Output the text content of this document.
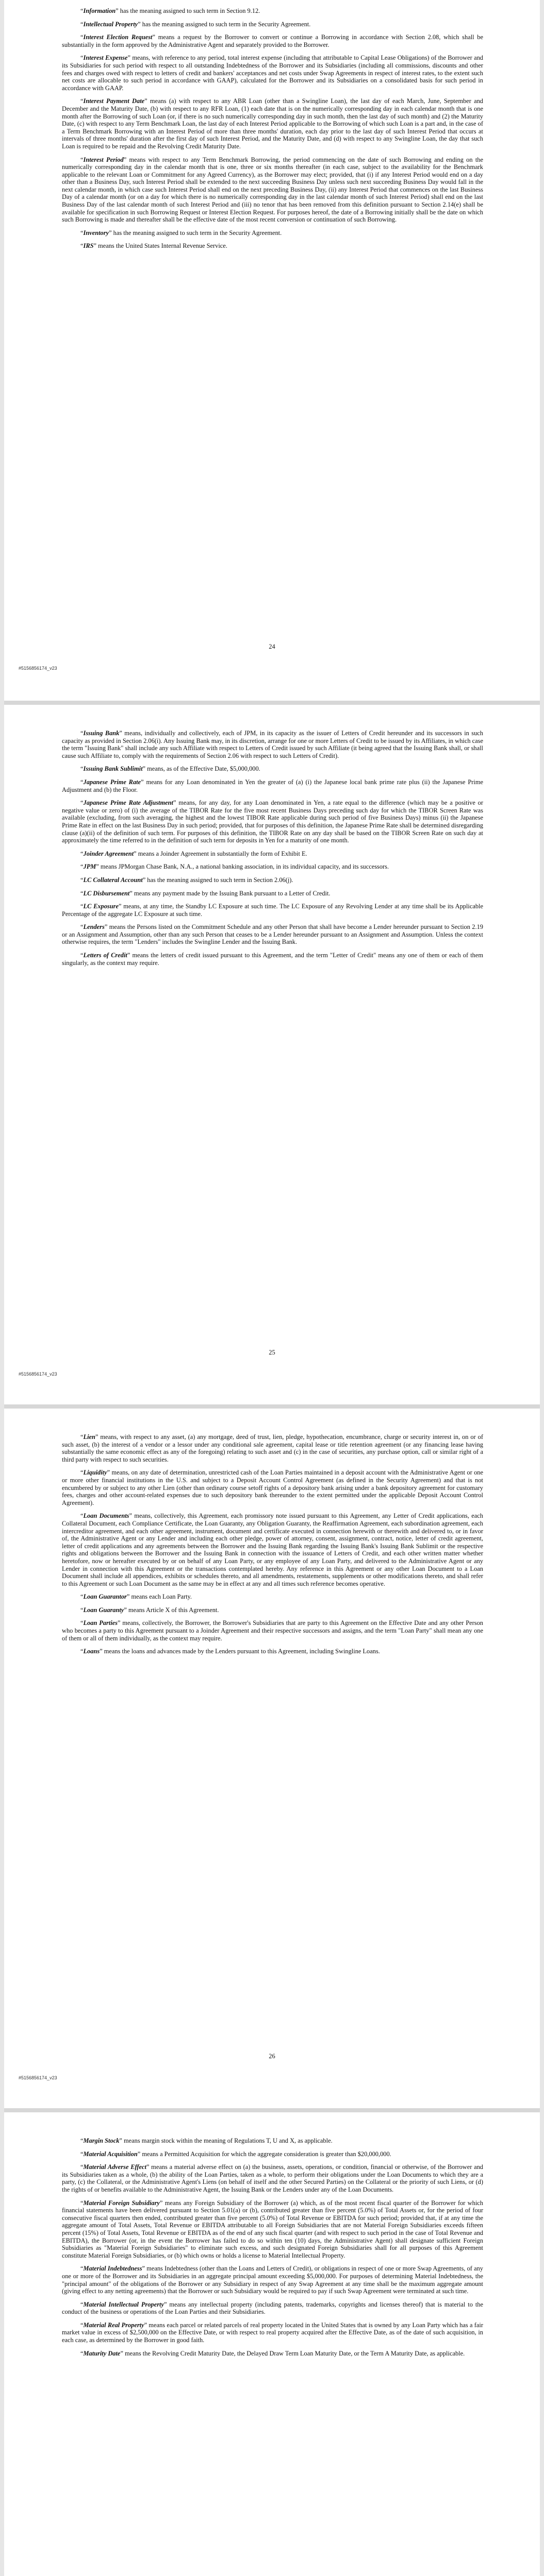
“Information” has the meaning assigned to such term in Section 9.12.

“Intellectual Property” has the meaning assigned to such term in the Security Agreement.

“Interest Election Request” means a request by the Borrower to convert or continue a Borrowing in accordance with Section 2.08, which shall be substantially in the form approved by the Administrative Agent and separately provided to the Borrower.

“Interest Expense” means, with reference to any period, total interest expense (including that attributable to Capital Lease Obligations) of the Borrower and its Subsidiaries for such period with respect to all outstanding Indebtedness of the Borrower and its Subsidiaries (including all commissions, discounts and other fees and charges owed with respect to letters of credit and bankers' acceptances and net costs under Swap Agreements in respect of interest rates, to the extent such net costs are allocable to such period in accordance with GAAP), calculated for the Borrower and its Subsidiaries on a consolidated basis for such period in accordance with GAAP.

“Interest Payment Date” means (a) with respect to any ABR Loan (other than a Swingline Loan), the last day of each March, June, September and December and the Maturity Date, (b) with respect to any RFR Loan, (1) each date that is on the numerically corresponding day in each calendar month that is one month after the Borrowing of such Loan (or, if there is no such numerically corresponding day in such month, then the last day of such month) and (2) the Maturity Date, (c) with respect to any Term Benchmark Loan, the last day of each Interest Period applicable to the Borrowing of which such Loan is a part and, in the case of a Term Benchmark Borrowing with an Interest Period of more than three months' duration, each day prior to the last day of such Interest Period that occurs at intervals of three months' duration after the first day of such Interest Period, and the Maturity Date, and (d) with respect to any Swingline Loan, the day that such Loan is required to be repaid and the Revolving Credit Maturity Date.

“Interest Period” means with respect to any Term Benchmark Borrowing, the period commencing on the date of such Borrowing and ending on the numerically corresponding day in the calendar month that is one, three or six months thereafter (in each case, subject to the availability for the Benchmark applicable to the relevant Loan or Commitment for any Agreed Currency), as the Borrower may elect; provided, that (i) if any Interest Period would end on a day other than a Business Day, such Interest Period shall be extended to the next succeeding Business Day unless such next succeeding Business Day would fall in the next calendar month, in which case such Interest Period shall end on the next preceding Business Day, (ii) any Interest Period that commences on the last Business Day of a calendar month (or on a day for which there is no numerically corresponding day in the last calendar month of such Interest Period) shall end on the last Business Day of the last calendar month of such Interest Period and (iii) no tenor that has been removed from this definition pursuant to Section 2.14(e) shall be available for specification in such Borrowing Request or Interest Election Request. For purposes hereof, the date of a Borrowing initially shall be the date on which such Borrowing is made and thereafter shall be the effective date of the most recent conversion or continuation of such Borrowing.

“Inventory” has the meaning assigned to such term in the Security Agreement.

“IRS” means the United States Internal Revenue Service.

24
#5156856174_v23

“Issuing Bank” means, individually and collectively, each of JPM, in its capacity as the issuer of Letters of Credit hereunder and its successors in such capacity as provided in Section 2.06(i). Any Issuing Bank may, in its discretion, arrange for one or more Letters of Credit to be issued by its Affiliates, in which case the term "Issuing Bank" shall include any such Affiliate with respect to Letters of Credit issued by such Affiliate (it being agreed that the Issuing Bank shall, or shall cause such Affiliate to, comply with the requirements of Section 2.06 with respect to such Letters of Credit).

“Issuing Bank Sublimit” means, as of the Effective Date, $5,000,000.

“Japanese Prime Rate” means for any Loan denominated in Yen the greater of (a) (i) the Japanese local bank prime rate plus (ii) the Japanese Prime Adjustment and (b) the Floor.

“Japanese Prime Rate Adjustment” means, for any day, for any Loan denominated in Yen, a rate equal to the difference (which may be a positive or negative value or zero) of (i) the average of the TIBOR Rate for the five most recent Business Days preceding such day for which the TIBOR Screen Rate was available (excluding, from such averaging, the highest and the lowest TIBOR Rate applicable during such period of five Business Days) minus (ii) the Japanese Prime Rate in effect on the last Business Day in such period; provided, that for purposes of this definition, the Japanese Prime Rate shall be determined disregarding clause (a)(ii) of the definition of such term. For purposes of this definition, the TIBOR Rate on any day shall be based on the TIBOR Screen Rate on such day at approximately the time referred to in the definition of such term for deposits in Yen for a maturity of one month.

“Joinder Agreement” means a Joinder Agreement in substantially the form of Exhibit E.

“JPM” means JPMorgan Chase Bank, N.A., a national banking association, in its individual capacity, and its successors.

“LC Collateral Account” has the meaning assigned to such term in Section 2.06(j).

“LC Disbursement” means any payment made by the Issuing Bank pursuant to a Letter of Credit.

“LC Exposure” means, at any time, the Standby LC Exposure at such time. The LC Exposure of any Revolving Lender at any time shall be its Applicable Percentage of the aggregate LC Exposure at such time.

“Lenders” means the Persons listed on the Commitment Schedule and any other Person that shall have become a Lender hereunder pursuant to Section 2.19 or an Assignment and Assumption, other than any such Person that ceases to be a Lender hereunder pursuant to an Assignment and Assumption. Unless the context otherwise requires, the term "Lenders" includes the Swingline Lender and the Issuing Bank.

“Letters of Credit” means the letters of credit issued pursuant to this Agreement, and the term "Letter of Credit" means any one of them or each of them singularly, as the context may require.

25
#5156856174_v23

“Lien” means, with respect to any asset, (a) any mortgage, deed of trust, lien, pledge, hypothecation, encumbrance, charge or security interest in, on or of such asset, (b) the interest of a vendor or a lessor under any conditional sale agreement, capital lease or title retention agreement (or any financing lease having substantially the same economic effect as any of the foregoing) relating to such asset and (c) in the case of securities, any purchase option, call or similar right of a third party with respect to such securities.

“Liquidity” means, on any date of determination, unrestricted cash of the Loan Parties maintained in a deposit account with the Administrative Agent or one or more other financial institutions in the U.S. and subject to a Deposit Account Control Agreement (as defined in the Security Agreement) and that is not encumbered by or subject to any other Lien (other than ordinary course setoff rights of a depository bank arising under a bank depository agreement for customary fees, charges and other account-related expenses due to such depository bank thereunder to the extent permitted under the applicable Deposit Account Control Agreement).

“Loan Documents” means, collectively, this Agreement, each promissory note issued pursuant to this Agreement, any Letter of Credit applications, each Collateral Document, each Compliance Certificate, the Loan Guaranty, any Obligation Guaranty, the Reaffirmation Agreement, each subordination agreement, each intercreditor agreement, and each other agreement, instrument, document and certificate executed in connection herewith or therewith and delivered to, or in favor of, the Administrative Agent or any Lender and including each other pledge, power of attorney, consent, assignment, contract, notice, letter of credit agreement, letter of credit applications and any agreements between the Borrower and the Issuing Bank regarding the Issuing Bank's Issuing Bank Sublimit or the respective rights and obligations between the Borrower and the Issuing Bank in connection with the issuance of Letters of Credit, and each other written matter whether heretofore, now or hereafter executed by or on behalf of any Loan Party, or any employee of any Loan Party, and delivered to the Administrative Agent or any Lender in connection with this Agreement or the transactions contemplated hereby. Any reference in this Agreement or any other Loan Document to a Loan Document shall include all appendices, exhibits or schedules thereto, and all amendments, restatements, supplements or other modifications thereto, and shall refer to this Agreement or such Loan Document as the same may be in effect at any and all times such reference becomes operative.

“Loan Guarantor” means each Loan Party.

“Loan Guaranty” means Article X of this Agreement.

“Loan Parties” means, collectively, the Borrower, the Borrower's Subsidiaries that are party to this Agreement on the Effective Date and any other Person who becomes a party to this Agreement pursuant to a Joinder Agreement and their respective successors and assigns, and the term "Loan Party" shall mean any one of them or all of them individually, as the context may require.

“Loans” means the loans and advances made by the Lenders pursuant to this Agreement, including Swingline Loans.

26
#5156856174_v23

“Margin Stock” means margin stock within the meaning of Regulations T, U and X, as applicable.

“Material Acquisition” means a Permitted Acquisition for which the aggregate consideration is greater than $20,000,000.

“Material Adverse Effect” means a material adverse effect on (a) the business, assets, operations, or condition, financial or otherwise, of the Borrower and its Subsidiaries taken as a whole, (b) the ability of the Loan Parties, taken as a whole, to perform their obligations under the Loan Documents to which they are a party, (c) the Collateral, or the Administrative Agent's Liens (on behalf of itself and the other Secured Parties) on the Collateral or the priority of such Liens, or (d) the rights of or benefits available to the Administrative Agent, the Issuing Bank or the Lenders under any of the Loan Documents.

“Material Foreign Subsidiary” means any Foreign Subsidiary of the Borrower (a) which, as of the most recent fiscal quarter of the Borrower for which financial statements have been delivered pursuant to Section 5.01(a) or (b), contributed greater than five percent (5.0%) of Total Assets or, for the period of four consecutive fiscal quarters then ended, contributed greater than five percent (5.0%) of Total Revenue or EBITDA for such period; provided that, if at any time the aggregate amount of Total Assets, Total Revenue or EBITDA attributable to all Foreign Subsidiaries that are not Material Foreign Subsidiaries exceeds fifteen percent (15%) of Total Assets, Total Revenue or EBITDA as of the end of any such fiscal quarter (and with respect to such period in the case of Total Revenue and EBITDA), the Borrower (or, in the event the Borrower has failed to do so within ten (10) days, the Administrative Agent) shall designate sufficient Foreign Subsidiaries as "Material Foreign Subsidiaries" to eliminate such excess, and such designated Foreign Subsidiaries shall for all purposes of this Agreement constitute Material Foreign Subsidiaries, or (b) which owns or holds a license to Material Intellectual Property.

“Material Indebtedness” means Indebtedness (other than the Loans and Letters of Credit), or obligations in respect of one or more Swap Agreements, of any one or more of the Borrower and its Subsidiaries in an aggregate principal amount exceeding $5,000,000. For purposes of determining Material Indebtedness, the "principal amount" of the obligations of the Borrower or any Subsidiary in respect of any Swap Agreement at any time shall be the maximum aggregate amount (giving effect to any netting agreements) that the Borrower or such Subsidiary would be required to pay if such Swap Agreement were terminated at such time.

“Material Intellectual Property” means any intellectual property (including patents, trademarks, copyrights and licenses thereof) that is material to the conduct of the business or operations of the Loan Parties and their Subsidiaries.

“Material Real Property” means each parcel or related parcels of real property located in the United States that is owned by any Loan Party which has a fair market value in excess of $2,500,000 on the Effective Date, or with respect to real property acquired after the Effective Date, as of the date of such acquisition, in each case, as determined by the Borrower in good faith.

“Maturity Date” means the Revolving Credit Maturity Date, the Delayed Draw Term Loan Maturity Date, or the Term A Maturity Date, as applicable.
